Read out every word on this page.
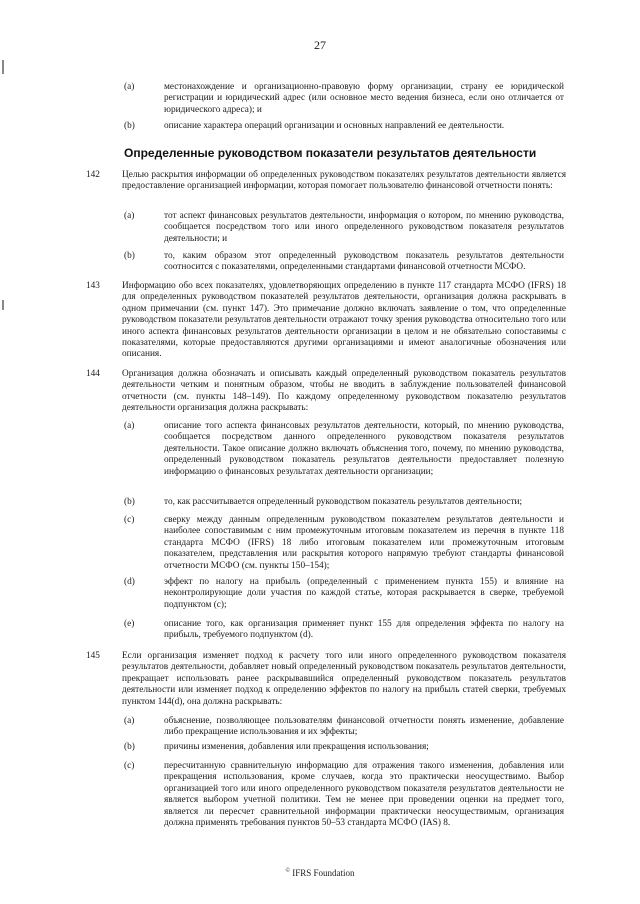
27
(a)	местонахождение и организационно-правовую форму организации, страну ее юридической регистрации и юридический адрес (или основное место ведения бизнеса, если оно отличается от юридического адреса); и
(b)	описание характера операций организации и основных направлений ее деятельности.
Определенные руководством показатели результатов деятельности
142 Целью раскрытия информации об определенных руководством показателях результатов деятельности является предоставление организацией информации, которая помогает пользователю финансовой отчетности понять:
(a)	тот аспект финансовых результатов деятельности, информация о котором, по мнению руководства, сообщается посредством того или иного определенного руководством показателя результатов деятельности; и
(b)	то, каким образом этот определенный руководством показатель результатов деятельности соотносится с показателями, определенными стандартами финансовой отчетности МСФО.
143 Информацию обо всех показателях, удовлетворяющих определению в пункте 117 стандарта МСФО (IFRS) 18 для определенных руководством показателей результатов деятельности, организация должна раскрывать в одном примечании (см. пункт 147). Это примечание должно включать заявление о том, что определенные руководством показатели результатов деятельности отражают точку зрения руководства относительно того или иного аспекта финансовых результатов деятельности организации в целом и не обязательно сопоставимы с показателями, которые предоставляются другими организациями и имеют аналогичные обозначения или описания.
144 Организация должна обозначать и описывать каждый определенный руководством показатель результатов деятельности четким и понятным образом, чтобы не вводить в заблуждение пользователей финансовой отчетности (см. пункты 148–149). По каждому определенному руководством показателю результатов деятельности организация должна раскрывать:
(a)	описание того аспекта финансовых результатов деятельности, который, по мнению руководства, сообщается посредством данного определенного руководством показателя результатов деятельности. Такое описание должно включать объяснения того, почему, по мнению руководства, определенный руководством показатель результатов деятельности предоставляет полезную информацию о финансовых результатах деятельности организации;
(b)	то, как рассчитывается определенный руководством показатель результатов деятельности;
(c)	сверку между данным определенным руководством показателем результатов деятельности и наиболее сопоставимым с ним промежуточным итоговым показателем из перечня в пункте 118 стандарта МСФО (IFRS) 18 либо итоговым показателем или промежуточным итоговым показателем, представления или раскрытия которого напрямую требуют стандарты финансовой отчетности МСФО (см. пункты 150–154);
(d)	эффект по налогу на прибыль (определенный с применением пункта 155) и влияние на неконтролирующие доли участия по каждой статье, которая раскрывается в сверке, требуемой подпунктом (c);
(e)	описание того, как организация применяет пункт 155 для определения эффекта по налогу на прибыль, требуемого подпунктом (d).
145 Если организация изменяет подход к расчету того или иного определенного руководством показателя результатов деятельности, добавляет новый определенный руководством показатель результатов деятельности, прекращает использовать ранее раскрывавшийся определенный руководством показатель результатов деятельности или изменяет подход к определению эффектов по налогу на прибыль статей сверки, требуемых пунктом 144(d), она должна раскрывать:
(a)	объяснение, позволяющее пользователям финансовой отчетности понять изменение, добавление либо прекращение использования и их эффекты;
(b)	причины изменения, добавления или прекращения использования;
(c)	пересчитанную сравнительную информацию для отражения такого изменения, добавления или прекращения использования, кроме случаев, когда это практически неосуществимо. Выбор организацией того или иного определенного руководством показателя результатов деятельности не является выбором учетной политики. Тем не менее при проведении оценки на предмет того, является ли пересчет сравнительной информации практически неосуществимым, организация должна применять требования пунктов 50–53 стандарта МСФО (IAS) 8.
© IFRS Foundation
